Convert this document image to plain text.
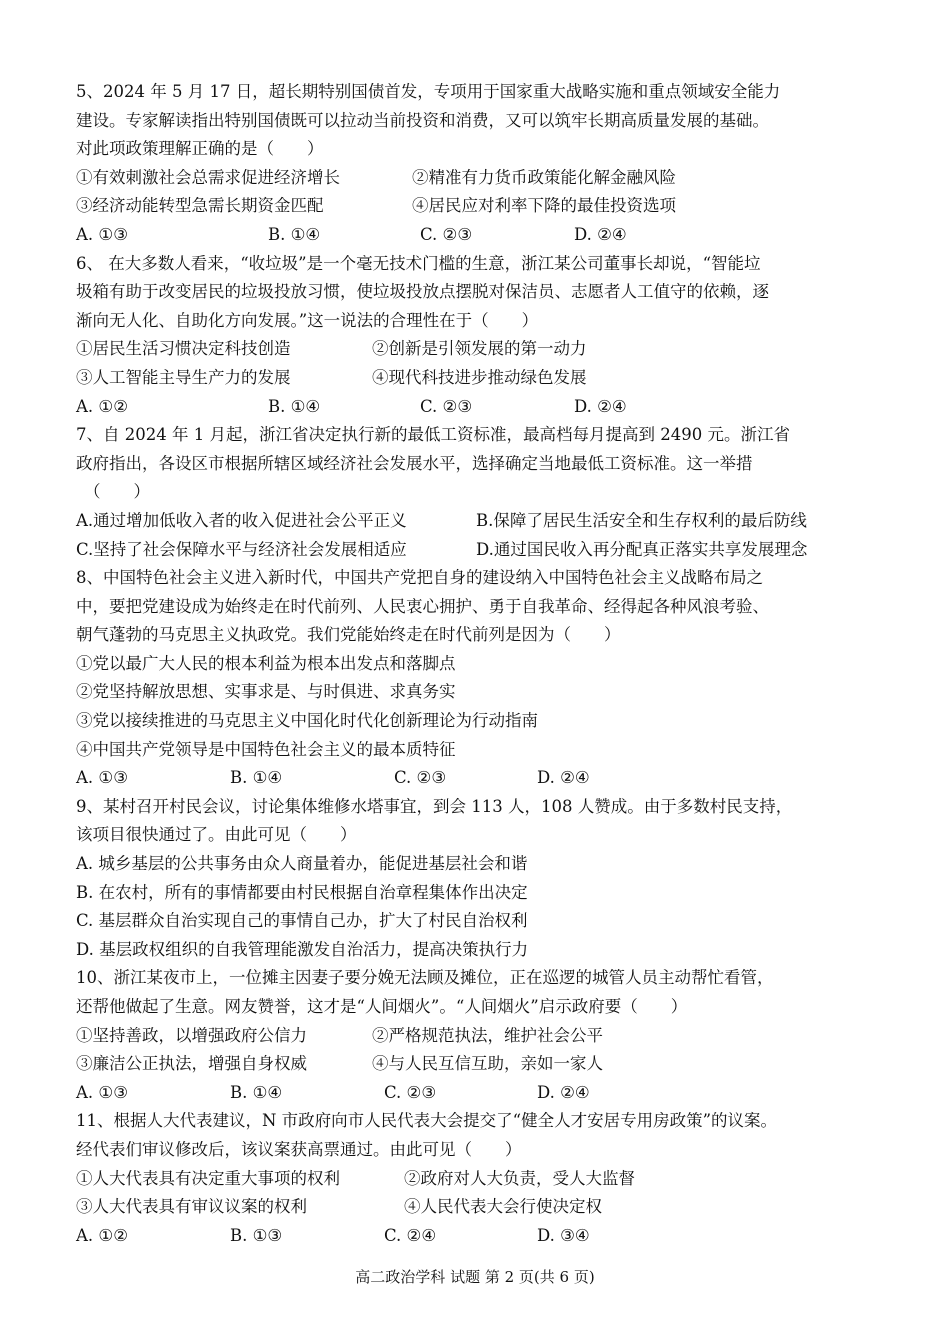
5、2024 年 5 月 17 日，超长期特别国债首发，专项用于国家重大战略实施和重点领域安全能力
建设。专家解读指出特别国债既可以拉动当前投资和消费，又可以筑牢长期高质量发展的基础。
对此项政策理解正确的是（　　）
①有效刺激社会总需求促进经济增长	②精准有力货币政策能化解金融风险
③经济动能转型急需长期资金匹配	④居民应对利率下降的最佳投资选项
A. ①③	B. ①④	C. ②③	D. ②④
6、 在大多数人看来，“收垃圾”是一个毫无技术门槛的生意，浙江某公司董事长却说，“智能垃
圾箱有助于改变居民的垃圾投放习惯，使垃圾投放点摆脱对保洁员、志愿者人工值守的依赖，逐
渐向无人化、自助化方向发展。”这一说法的合理性在于（　　）
①居民生活习惯决定科技创造	②创新是引领发展的第一动力
③人工智能主导生产力的发展	④现代科技进步推动绿色发展
A. ①②	B. ①④	C. ②③	D. ②④
7、自 2024 年 1 月起，浙江省决定执行新的最低工资标准，最高档每月提高到 2490 元。浙江省
政府指出，各设区市根据所辖区域经济社会发展水平，选择确定当地最低工资标准。这一举措
（　　）
A.通过增加低收入者的收入促进社会公平正义	B.保障了居民生活安全和生存权利的最后防线
C.坚持了社会保障水平与经济社会发展相适应	D.通过国民收入再分配真正落实共享发展理念
8、中国特色社会主义进入新时代，中国共产党把自身的建设纳入中国特色社会主义战略布局之
中，要把党建设成为始终走在时代前列、人民衷心拥护、勇于自我革命、经得起各种风浪考验、
朝气蓬勃的马克思主义执政党。我们党能始终走在时代前列是因为（　　）
①党以最广大人民的根本利益为根本出发点和落脚点
②党坚持解放思想、实事求是、与时俱进、求真务实
③党以接续推进的马克思主义中国化时代化创新理论为行动指南
④中国共产党领导是中国特色社会主义的最本质特征
A. ①③	B. ①④	C. ②③	D. ②④
9、某村召开村民会议，讨论集体维修水塔事宜，到会 113 人，108 人赞成。由于多数村民支持，
该项目很快通过了。由此可见（　　）
A. 城乡基层的公共事务由众人商量着办，能促进基层社会和谐
B. 在农村，所有的事情都要由村民根据自治章程集体作出决定
C. 基层群众自治实现自己的事情自己办，扩大了村民自治权利
D. 基层政权组织的自我管理能激发自治活力，提高决策执行力
10、浙江某夜市上，一位摊主因妻子要分娩无法顾及摊位，正在巡逻的城管人员主动帮忙看管，
还帮他做起了生意。网友赞誉，这才是“人间烟火”。“人间烟火”启示政府要（　　）
①坚持善政，以增强政府公信力	②严格规范执法，维护社会公平
③廉洁公正执法，增强自身权威	④与人民互信互助，亲如一家人
A. ①③	B. ①④	C. ②③	D. ②④
11、根据人大代表建议，N 市政府向市人民代表大会提交了“健全人才安居专用房政策”的议案。
经代表们审议修改后，该议案获高票通过。由此可见（　　）
①人大代表具有决定重大事项的权利	②政府对人大负责，受人大监督
③人大代表具有审议议案的权利	④人民代表大会行使决定权
A. ①②	B. ①③	C. ②④	D. ③④
高二政治学科 试题 第 2 页(共 6 页)
